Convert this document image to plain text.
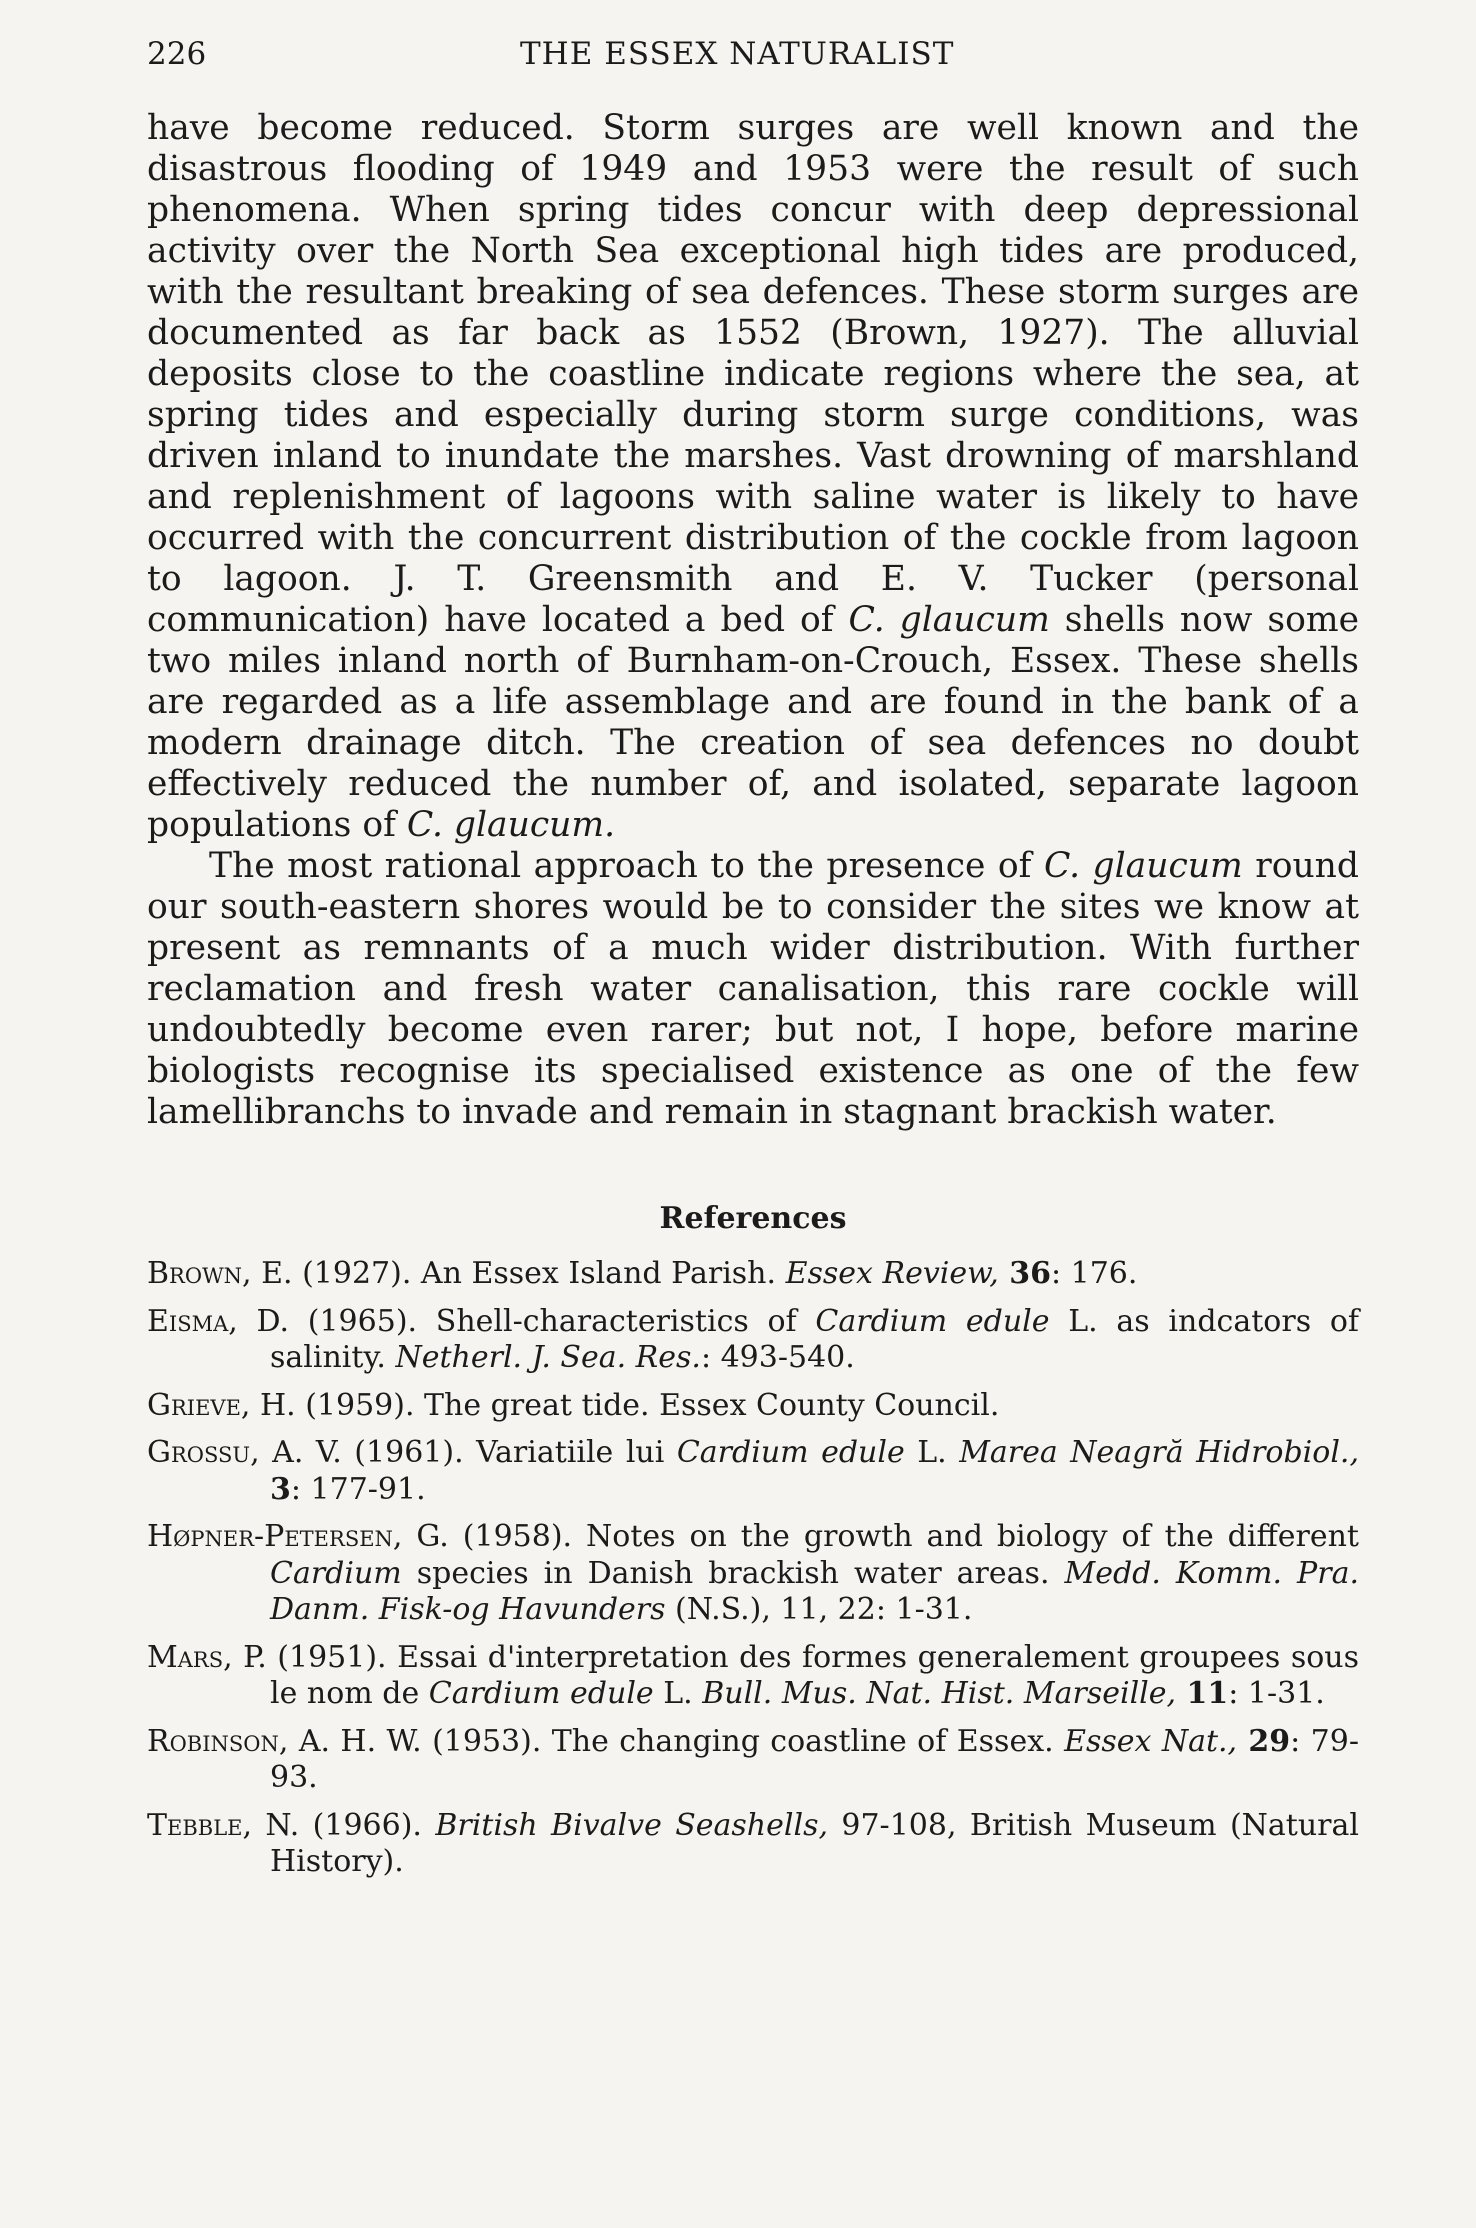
226	THE ESSEX NATURALIST

have become reduced. Storm surges are well known and the disastrous flooding of 1949 and 1953 were the result of such phenomena. When spring tides concur with deep depressional activity over the North Sea exceptional high tides are produced, with the resultant breaking of sea defences. These storm surges are documented as far back as 1552 (Brown, 1927). The alluvial deposits close to the coastline indicate regions where the sea, at spring tides and especially during storm surge conditions, was driven inland to inundate the marshes. Vast drowning of marshland and replenishment of lagoons with saline water is likely to have occurred with the concurrent distribution of the cockle from lagoon to lagoon. J. T. Greensmith and E. V. Tucker (personal communication) have located a bed of C. glaucum shells now some two miles inland north of Burnham-on-Crouch, Essex. These shells are regarded as a life assemblage and are found in the bank of a modern drainage ditch. The creation of sea defences no doubt effectively reduced the number of, and isolated, separate lagoon populations of C. glaucum.

The most rational approach to the presence of C. glaucum round our south-eastern shores would be to consider the sites we know at present as remnants of a much wider distribution. With further reclamation and fresh water canalisation, this rare cockle will undoubtedly become even rarer; but not, I hope, before marine biologists recognise its specialised existence as one of the few lamellibranchs to invade and remain in stagnant brackish water.

References

Brown, E. (1927). An Essex Island Parish. Essex Review, 36: 176.

Eisma, D. (1965). Shell-characteristics of Cardium edule L. as indcators of salinity. Netherl. J. Sea. Res.: 493-540.

Grieve, H. (1959). The great tide. Essex County Council.

Grossu, A. V. (1961). Variatiile lui Cardium edule L. Marea Neagră Hidrobiol., 3: 177-91.

Høpner-Petersen, G. (1958). Notes on the growth and biology of the different Cardium species in Danish brackish water areas. Medd. Komm. Pra. Danm. Fisk-og Havunders (N.S.), 11, 22: 1-31.

Mars, P. (1951). Essai d'interpretation des formes generalement groupees sous le nom de Cardium edule L. Bull. Mus. Nat. Hist. Marseille, 11: 1-31.

Robinson, A. H. W. (1953). The changing coastline of Essex. Essex Nat., 29: 79-93.

Tebble, N. (1966). British Bivalve Seashells, 97-108, British Museum (Natural History).
